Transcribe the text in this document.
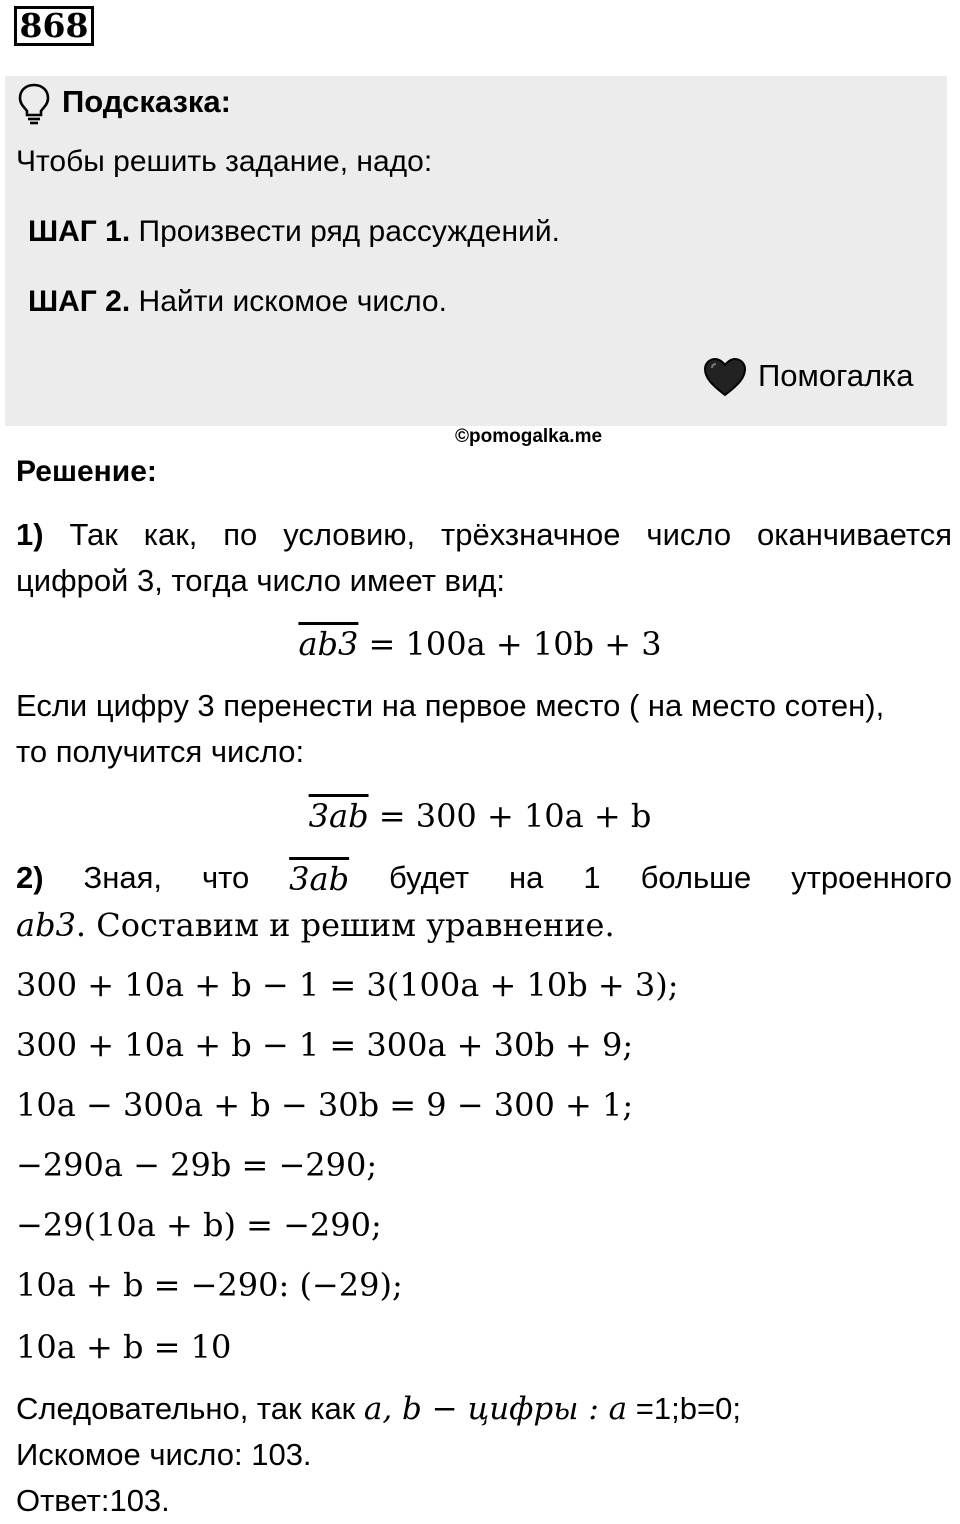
868
Подсказка:
Чтобы решить задание, надо:
ШАГ 1. Произвести ряд рассуждений.
ШАГ 2. Найти искомое число.
Помогалка
©pomogalka.me
Решение:
1) Так как, по условию, трёхзначное число оканчивается
цифрой 3, тогда число имеет вид:
ab3 = 100a + 10b + 3
Если цифру 3 перенести на первое место ( на место сотен),
то получится число:
3ab = 300 + 10a + b
2) Зная, что 3ab будет на 1 больше утроенного
ab3. Составим и решим уравнение.
300 + 10a + b − 1 = 3(100a + 10b + 3);
300 + 10a + b − 1 = 300a + 30b + 9;
10a − 300a + b − 30b = 9 − 300 + 1;
−290a − 29b = −290;
−29(10a + b) = −290;
10a + b = −290: (−29);
10a + b = 10
Следовательно, так как a, b − цифры : a =1;b=0;
Искомое число: 103.
Ответ:103.
